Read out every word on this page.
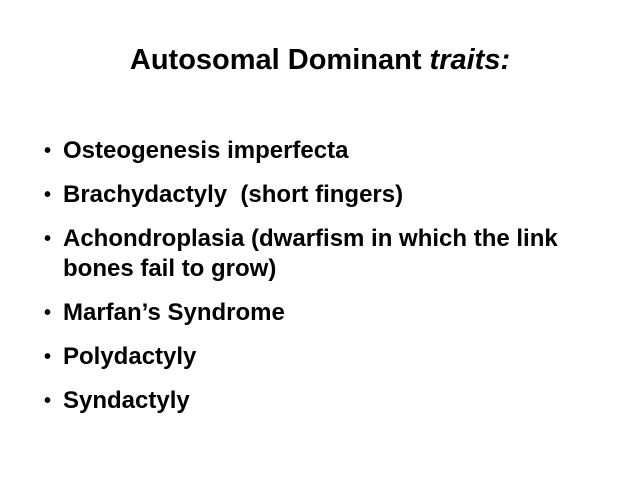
Autosomal Dominant traits:
• Osteogenesis imperfecta
• Brachydactyly  (short fingers)
• Achondroplasia (dwarfism in which the link bones fail to grow)
• Marfan’s Syndrome
• Polydactyly
• Syndactyly
